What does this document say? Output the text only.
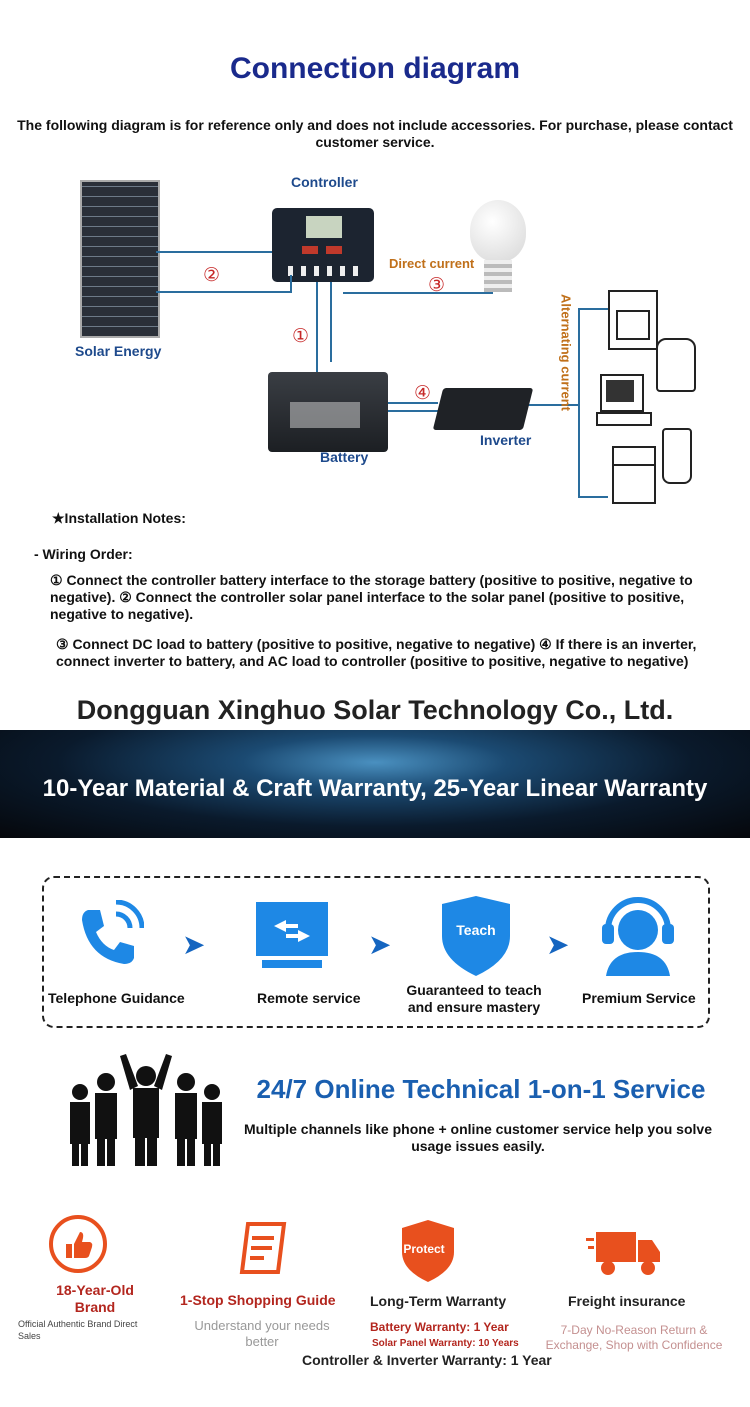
Connection diagram
The following diagram is for reference only and does not include accessories. For purchase, please contact customer service.
Solar Energy
Controller
Direct current
②	③
①
④
Battery
Inverter
Alternating current
★Installation Notes:
- Wiring Order:
① Connect the controller battery interface to the storage battery (positive to positive, negative to negative). ② Connect the controller solar panel interface to the solar panel (positive to positive, negative to negative).
③ Connect DC load to battery (positive to positive, negative to negative) ④ If there is an inverter, connect inverter to battery, and AC load to controller (positive to positive, negative to negative)
Dongguan Xinghuo Solar Technology Co., Ltd.
10-Year Material & Craft Warranty, 25-Year Linear Warranty
Telephone Guidance
➤
Remote service
➤	Teach
Guaranteed to teach and ensure mastery
➤
Premium Service
24/7 Online Technical 1-on-1 Service
Multiple channels like phone + online customer service help you solve usage issues easily.
18-Year-Old Brand
Official Authentic Brand Direct Sales
1-Stop Shopping Guide
Understand your needs better
Protect
Long-Term Warranty
Battery Warranty: 1 Year
Solar Panel Warranty: 10 Years
Freight insurance
7-Day No-Reason Return & Exchange, Shop with Confidence
Controller & Inverter Warranty: 1 Year
